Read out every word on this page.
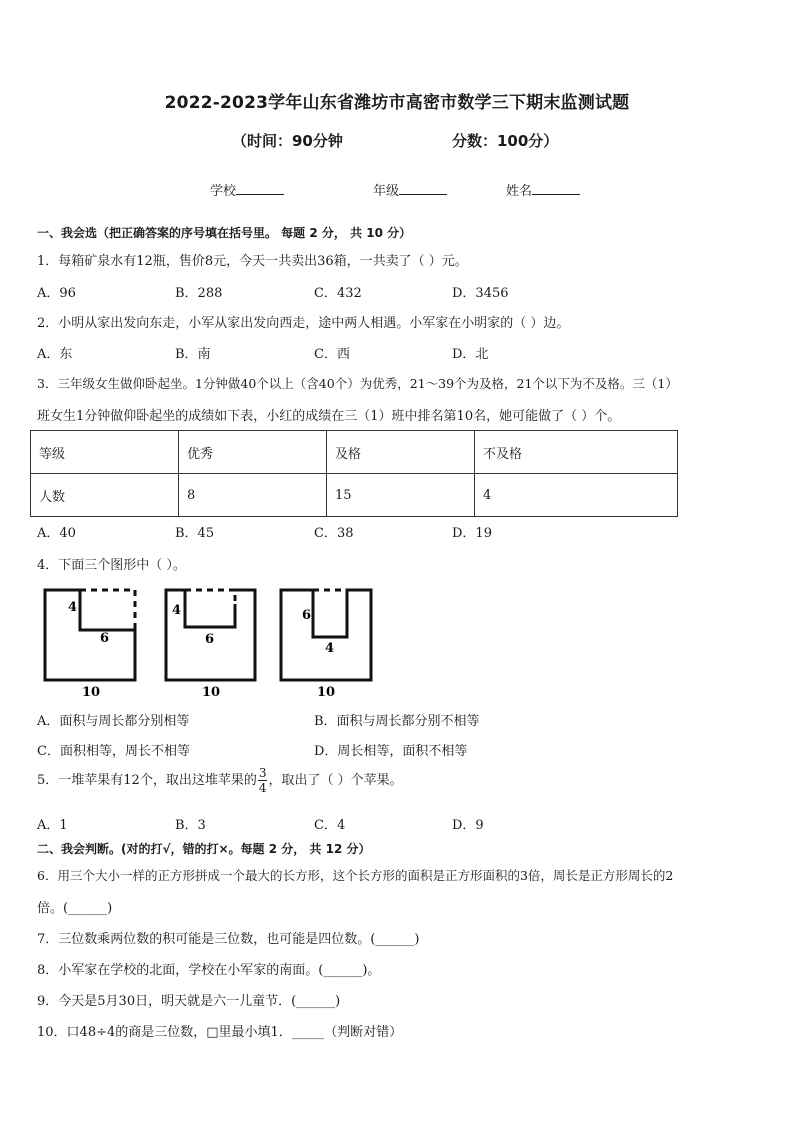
2022-2023学年山东省潍坊市高密市数学三下期末监测试题
（时间：90分钟	分数：100分）
学校	年级	姓名
一、我会选（把正确答案的序号填在括号里。 每题 2 分， 共 10 分）
1．每箱矿泉水有12瓶，售价8元，今天一共卖出36箱，一共卖了（ ）元。
A．96	B．288	C．432	D．3456
2．小明从家出发向东走，小军从家出发向西走，途中两人相遇。小军家在小明家的（ ）边。
A．东	B．南	C．西	D．北
3．三年级女生做仰卧起坐。1分钟做40个以上（含40个）为优秀，21～39个为及格，21个以下为不及格。三（1）
班女生1分钟做仰卧起坐的成绩如下表，小红的成绩在三（1）班中排名第10名，她可能做了（ ）个。
等级	优秀	及格	不及格
人数	8	15	4
A．40	B．45	C．38	D．19
4．下面三个图形中（ ）。
4
6
10
4
6
10
6
4
10
A．面积与周长都分别相等	B．面积与周长都分别不相等
C．面积相等，周长不相等	D．周长相等，面积不相等
5．一堆苹果有12个，取出这堆苹果的 $\frac{3}{4}$ ，取出了（ ）个苹果。
A．1	B．3	C．4	D．9
二、我会判断。(对的打√，错的打×。每题 2 分， 共 12 分）
6．用三个大小一样的正方形拼成一个最大的长方形，这个长方形的面积是正方形面积的3倍，周长是正方形周长的2
倍。(______)
7．三位数乘两位数的积可能是三位数，也可能是四位数。(______)
8．小军家在学校的北面，学校在小军家的南面。(______)。
9．今天是5月30日，明天就是六一儿童节．(______)
10．口48÷4的商是三位数，□里最小填1．_____（判断对错）
